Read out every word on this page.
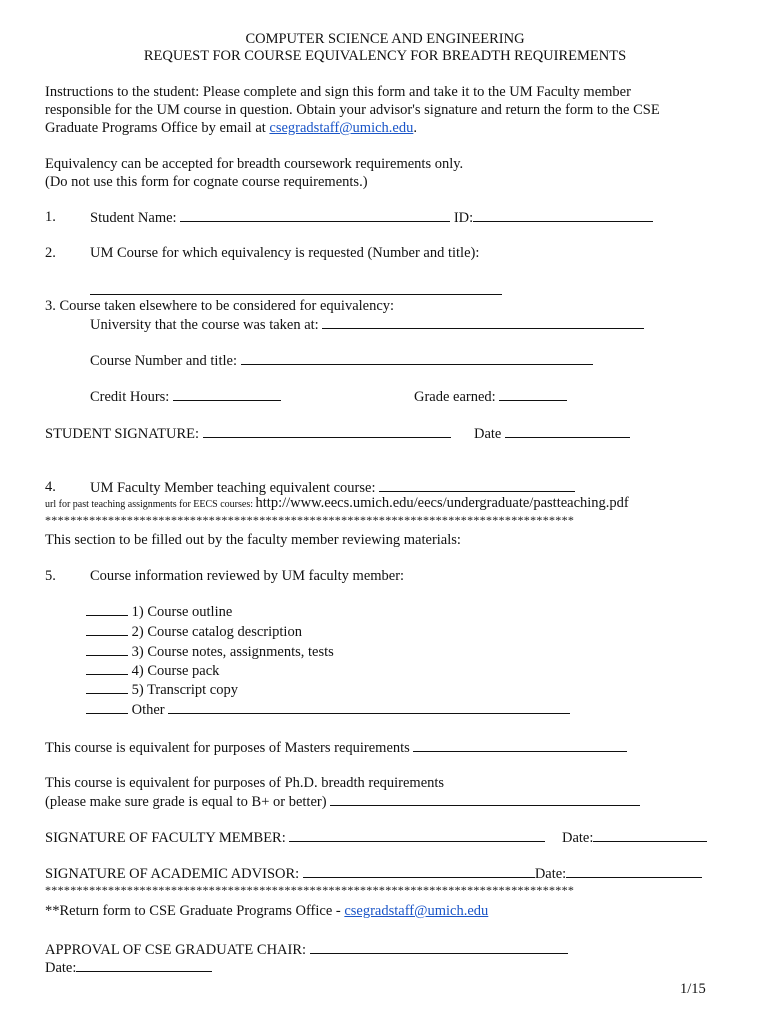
COMPUTER SCIENCE AND ENGINEERING
REQUEST FOR COURSE EQUIVALENCY FOR BREADTH REQUIREMENTS
Instructions to the student: Please complete and sign this form and take it to the UM Faculty member
responsible for the UM course in question. Obtain your advisor's signature and return the form to the CSE
Graduate Programs Office by email at csegradstaff@umich.edu.
Equivalency can be accepted for breadth coursework requirements only.
(Do not use this form for cognate course requirements.)
1. Student Name:	ID:
2. UM Course for which equivalency is requested (Number and title):
3. Course taken elsewhere to be considered for equivalency:
University that the course was taken at:
Course Number and title:
Credit Hours:	Grade earned:
STUDENT SIGNATURE:	Date
4. UM Faculty Member teaching equivalent course:
url for past teaching assignments for EECS courses: http://www.eecs.umich.edu/eecs/undergraduate/pastteaching.pdf
************************************************************************************
This section to be filled out by the faculty member reviewing materials:
5. Course information reviewed by UM faculty member:
1) Course outline
2) Course catalog description
3) Course notes, assignments, tests
4) Course pack
5) Transcript copy
Other
This course is equivalent for purposes of Masters requirements
This course is equivalent for purposes of Ph.D. breadth requirements
(please make sure grade is equal to B+ or better)
SIGNATURE OF FACULTY MEMBER:	Date:
SIGNATURE OF ACADEMIC ADVISOR:	Date:
************************************************************************************
**Return form to CSE Graduate Programs Office - csegradstaff@umich.edu
APPROVAL OF CSE GRADUATE CHAIR:
Date:
1/15
